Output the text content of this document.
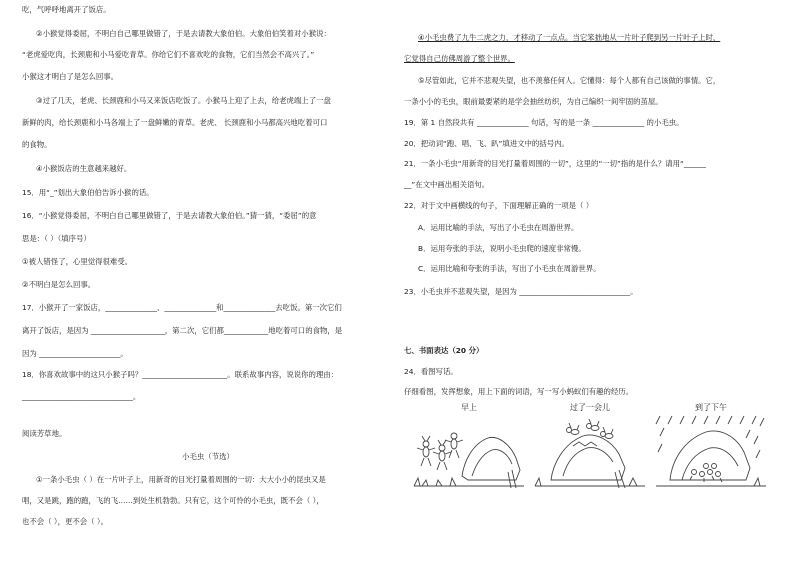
吃，气呼呼地离开了饭店。
②小猴觉得委屈，不明白自己哪里做错了，于是去请教大象伯伯。大象伯伯笑着对小猴说：
“老虎爱吃肉，长颈鹿和小马爱吃青草。你给它们不喜欢吃的食物，它们当然会不高兴了。”
小猴这才明白了是怎么回事。
③过了几天，老虎、长颈鹿和小马又来饭店吃饭了。小猴马上迎了上去，给老虎端上了一盘
新鲜的肉，给长颈鹿和小马各端上了一盘鲜嫩的青草。老虎、 长颈鹿和小马都高兴地吃着可口
的食物。
④小猴饭店的生意越来越好。
15．用“_”划出大象伯伯告诉小猴的话。
16．“小猴觉得委屈，不明白自己哪里做错了，于是去请教大象伯伯。”猜一猜，“委屈”的意
思是：（ ）（填序号）
①被人错怪了，心里觉得很难受。
②不明白是怎么回事。
17．小猴开了一家饭店，______________、______________和______________去吃饭。第一次它们
离开了饭店，是因为 ____________________，第二次，它们都____________地吃着可口的食物，是
因为 ______________________。
18．你喜欢故事中的这只小猴子吗？_______________________。联系故事内容，说说你的理由：
______________________________。
阅读芳草地。
小毛虫（节选）
①一条小毛虫（ ）在一片叶子上，用新奇的目光打量着周围的一切：大大小小的昆虫又是
唱，又是跳，跑的跑，飞的飞……到处生机勃勃。只有它，这个可怜的小毛虫，既不会（ ），
也不会（ ），更不会（ ）。
④小毛虫费了九牛二虎之力，才移动了一点点。当它笨拙地从一片叶子爬到另一片叶子上时，
它觉得自己仿佛周游了整个世界。
⑤尽管如此，它并不悲观失望，也不羡慕任何人。它懂得：每个人都有自己该做的事情。它，
一条小小的毛虫，眼前最要紧的是学会抽丝纺织，为自己编织一间牢固的茧屋。
19．第 1 自然段共有 ______________ 句话，写的是一条 ______________ 的小毛虫。
20．把动词“跑、唱、飞、趴”填进文中的括号内。
21．一条小毛虫“用新奇的目光打量着周围的一切”，这里的“一切”指的是什么？请用“______
__”在文中画出相关语句。
22．对于文中画横线的句子，下面理解正确的一项是（ ）
A．运用比喻的手法，写出了小毛虫在周游世界。
B．运用夸张的手法，说明小毛虫爬的速度非常慢。
C．运用比喻和夸张的手法，写出了小毛虫在周游世界。
23．小毛虫并不悲观失望，是因为 ______________________________。
七、书面表达（20 分）
24．看图写话。
仔细看图，发挥想象，用上下面的词语，写一写小蚂蚁们有趣的经历。
早上	过了一会儿	到了下午
